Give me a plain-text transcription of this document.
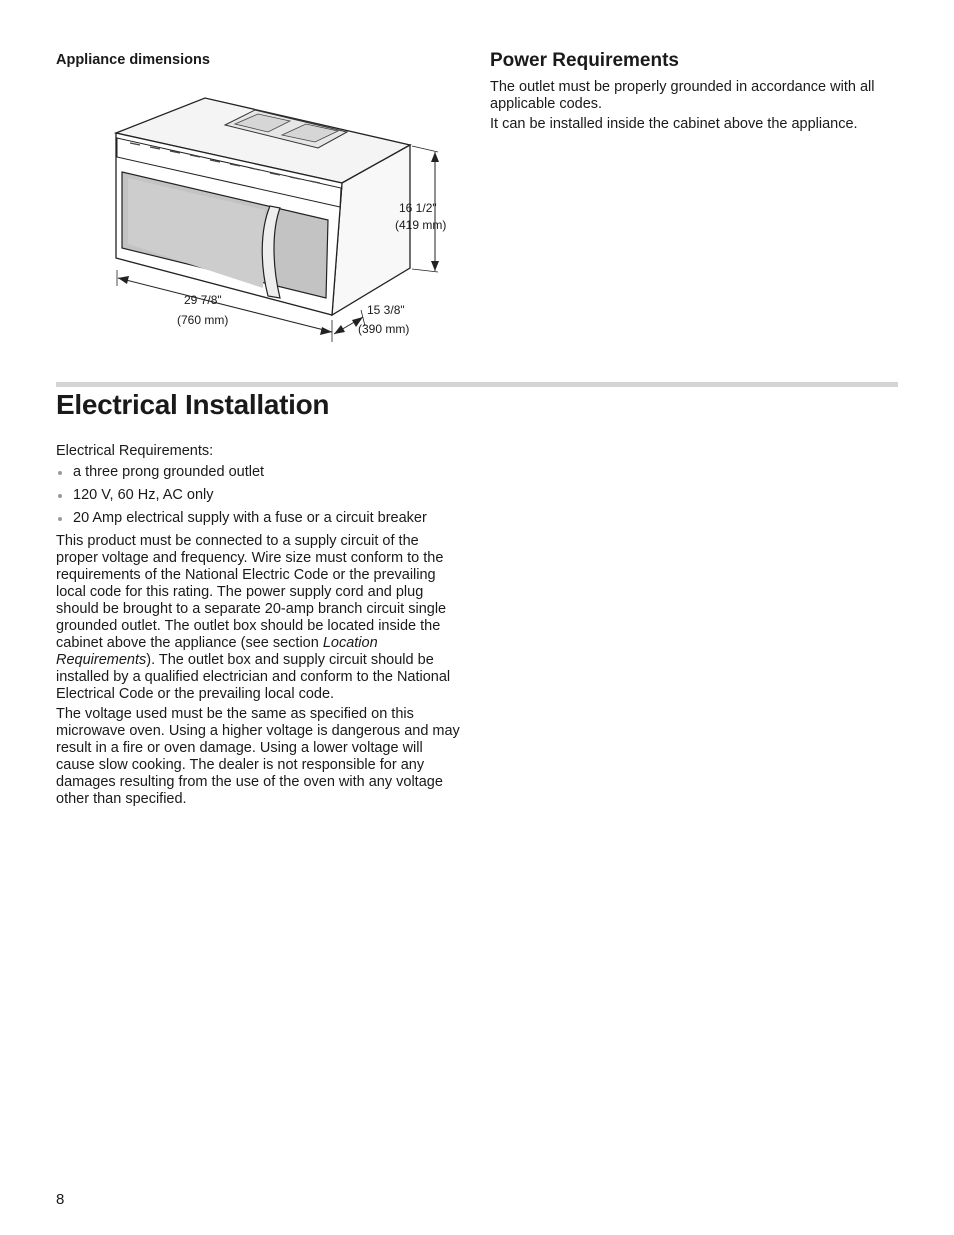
Appliance dimensions
16 1/2"
(419 mm)
29 7/8"
(760 mm)
15 3/8"
(390 mm)
Power Requirements

The outlet must be properly grounded in accordance with all applicable codes.

It can be installed inside the cabinet above the appliance.

Electrical Installation

Electrical Requirements:

a three prong grounded outlet
120 V, 60 Hz, AC only
20 Amp electrical supply with a fuse or a circuit breaker

This product must be connected to a supply circuit of the proper voltage and frequency. Wire size must conform to the requirements of the National Electric Code or the prevailing local code for this rating. The power supply cord and plug should be brought to a separate 20-amp branch circuit single grounded outlet. The outlet box should be located inside the cabinet above the appliance (see section Location Requirements). The outlet box and supply circuit should be installed by a qualified electrician and conform to the National Electrical Code or the prevailing local code.

The voltage used must be the same as specified on this microwave oven. Using a higher voltage is dangerous and may result in a fire or oven damage. Using a lower voltage will cause slow cooking. The dealer is not responsible for any damages resulting from the use of the oven with any voltage other than specified.

8
